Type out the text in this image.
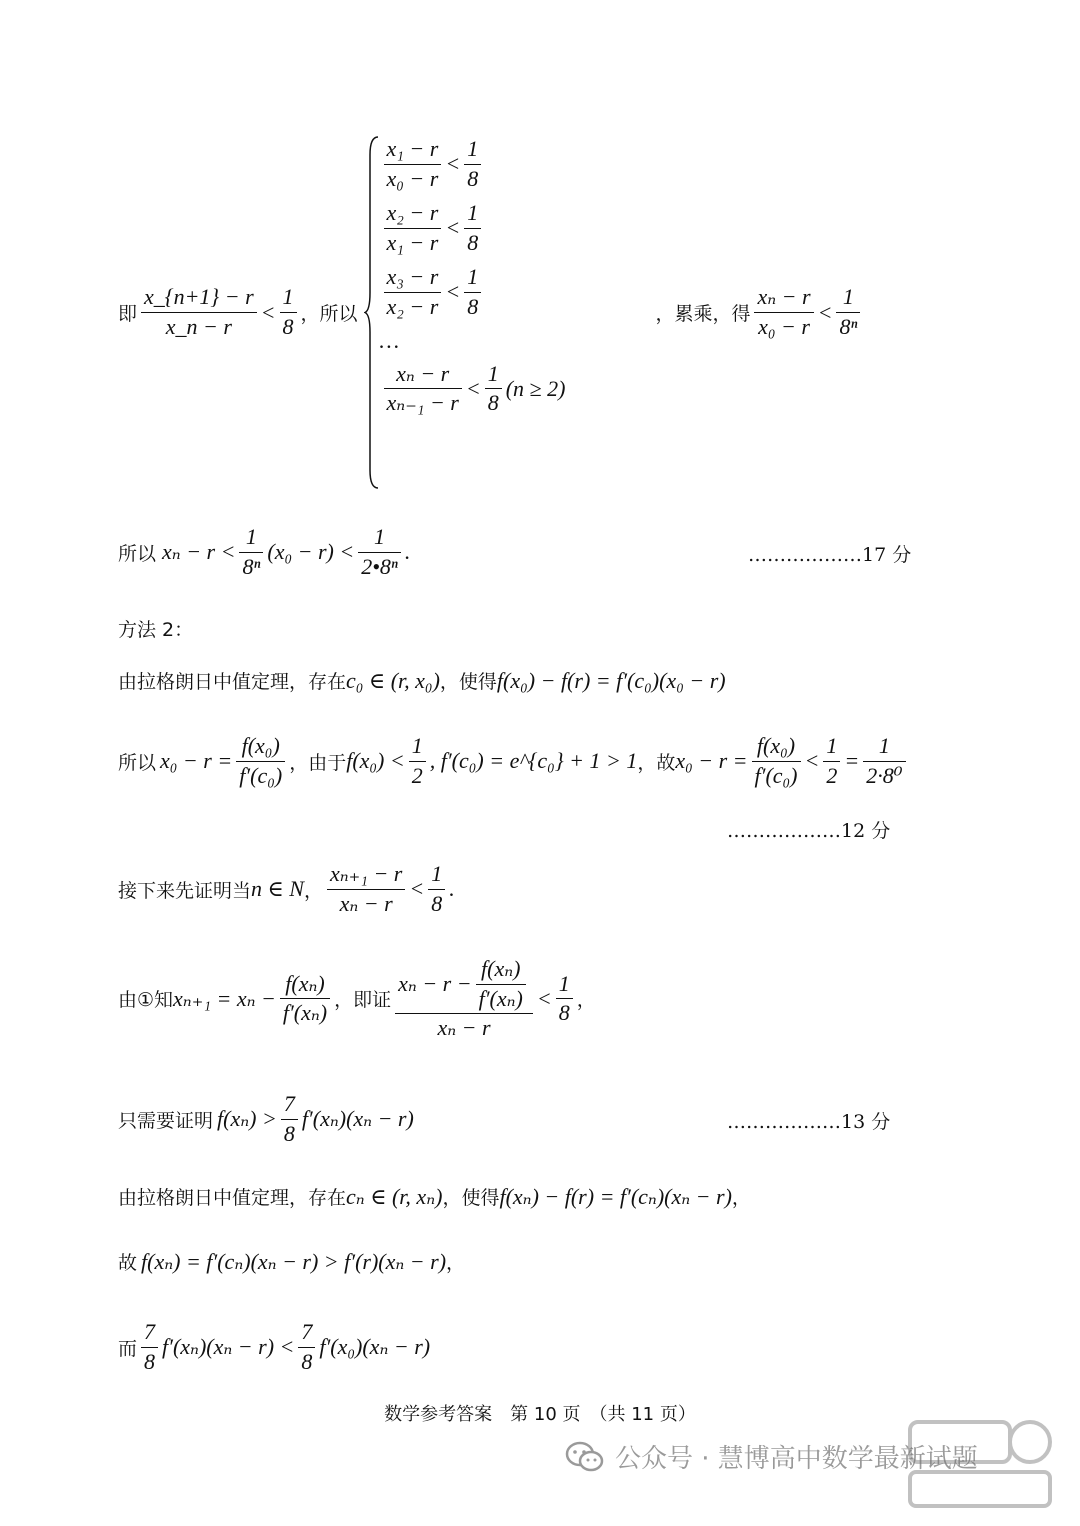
即 $\frac{x\_\{n+1\} - r}{x\_n - r} < \frac{1}{8}$ ，所以
$\frac{\text{x₁ − r}}{\text{x₀ − r}} < \frac{1}{8}$
$\frac{\text{x₂ − r}}{\text{x₁ − r}} < \frac{1}{8}$
$\frac{\text{x₃ − r}}{\text{x₂ − r}} < \frac{1}{8}$
…
$\frac{\text{xₙ − r}}{\text{xₙ₋₁ − r}} < \frac{1}{8} (n \ge 2)$
，累乘，得 $\frac{\text{xₙ − r}}{\text{x₀ − r}} < \frac{1}{\text{8ⁿ}}$
所以 $x_n - r < \frac{1}{\text{8ⁿ}} (x_0 - r) < \frac{1}{\text{2•8ⁿ}}$ .	………………17 分
方法 2：
由拉格朗日中值定理，存在 c₀ ∈ (r, x₀) ，使得 f(x₀) − f(r) = f′(c₀)(x₀ − r)
所以 $x_0 - r = \frac{\text{f(x₀)}}{\text{f′(c₀)}}$ ，由于 $f(x_0) < \frac{1}{2}$ , f′(c₀) = e^{c₀} + 1 > 1 ，故 $x_0 - r = \frac{\text{f(x₀)}}{\text{f′(c₀)}} < \frac{1}{2} = \frac{1}{\text{2·8⁰}}$
………………12 分
接下来先证明当 n ∈ N ， $\frac{\text{xₙ₊₁ − r}}{\text{xₙ − r}} < \frac{1}{8}$ .
由①知 $x_{n+1} = x_n - \frac{\text{f(xₙ)}}{\text{f′(xₙ)}}$ ，即证
$x_n - r - \frac{\text{f(xₙ)}}{\text{f′(xₙ)}}$
xₙ − r
< $\frac{1}{8}$ ，
只需要证明 $f(x_n) > \frac{7}{8} f'(x_n)(x_n - r)$	………………13 分
由拉格朗日中值定理，存在 cₙ ∈ (r, xₙ) ，使得 f(xₙ) − f(r) = f′(cₙ)(xₙ − r) ，
故 f(xₙ) = f′(cₙ)(xₙ − r) > f′(r)(xₙ − r) ，
而 $\frac{7}{8} f'(x_n)(x_n - r) < \frac{7}{8} f'(x_0)(x_n - r)$
数学参考答案　第 10 页　（共 11 页）
公众号 · 慧博高中数学最新试题
